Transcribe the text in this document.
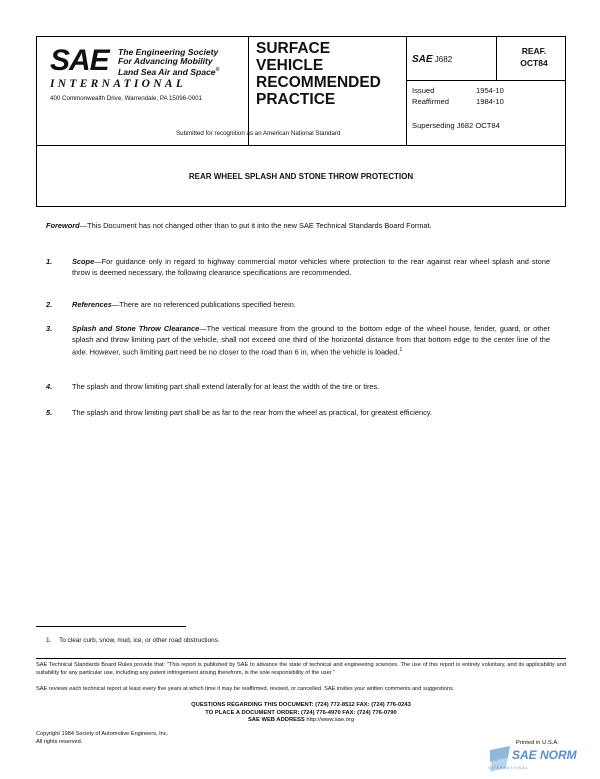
SAE The Engineering Society
For Advancing Mobility
Land Sea Air and Space®
INTERNATIONAL
400 Commonwealth Drive, Warrendale, PA 15096-0001
SURFACE
VEHICLE
RECOMMENDED
PRACTICE
Submitted for recognition as an American National Standard
SAE J682
REAF.
OCT84
Issued	1954-10
Reaffirmed	1984-10
Superseding J682 OCT84
REAR WHEEL SPLASH AND STONE THROW PROTECTION
Foreword—This Document has not changed other than to put it into the new SAE Technical Standards Board Format.
1.	Scope—For guidance only in regard to highway commercial motor vehicles where protection to the rear against rear wheel splash and stone throw is deemed necessary, the following clearance specifications are recommended.
2.	References—There are no referenced publications specified herein.
3.	Splash and Stone Throw Clearance—The vertical measure from the ground to the bottom edge of the wheel house, fender, guard, or other splash and throw limiting part of the vehicle, shall not exceed one third of the horizontal distance from that bottom edge to the center line of the axle. However, such limiting part need be no closer to the road than 6 in, when the vehicle is loaded.$^1$
4.	The splash and throw limiting part shall extend laterally for at least the width of the tire or tires.
5.	The splash and throw limiting part shall be as far to the rear from the wheel as practical, for greatest efficiency.
1. To clear curb, snow, mud, ice, or other road obstructions.
SAE Technical Standards Board Rules provide that: "This report is published by SAE to advance the state of technical and engineering sciences. The use of this report is entirely voluntary, and its applicability and suitability for any particular use, including any patent infringement arising therefrom, is the sole responsibility of the user."
SAE reviews each technical report at least every five years at which time it may be reaffirmed, revised, or cancelled. SAE invites your written comments and suggestions.
QUESTIONS REGARDING THIS DOCUMENT: (724) 772-8512 FAX: (724) 776-0243
TO PLACE A DOCUMENT ORDER; (724) 776-4970 FAX: (724) 776-0790
SAE WEB ADDRESS http://www.sae.org
Copyright 1984 Society of Automotive Engineers, Inc.
All rights reserved.	Printed in U.S.A.
SAE NORM
INTERNATIONAL
